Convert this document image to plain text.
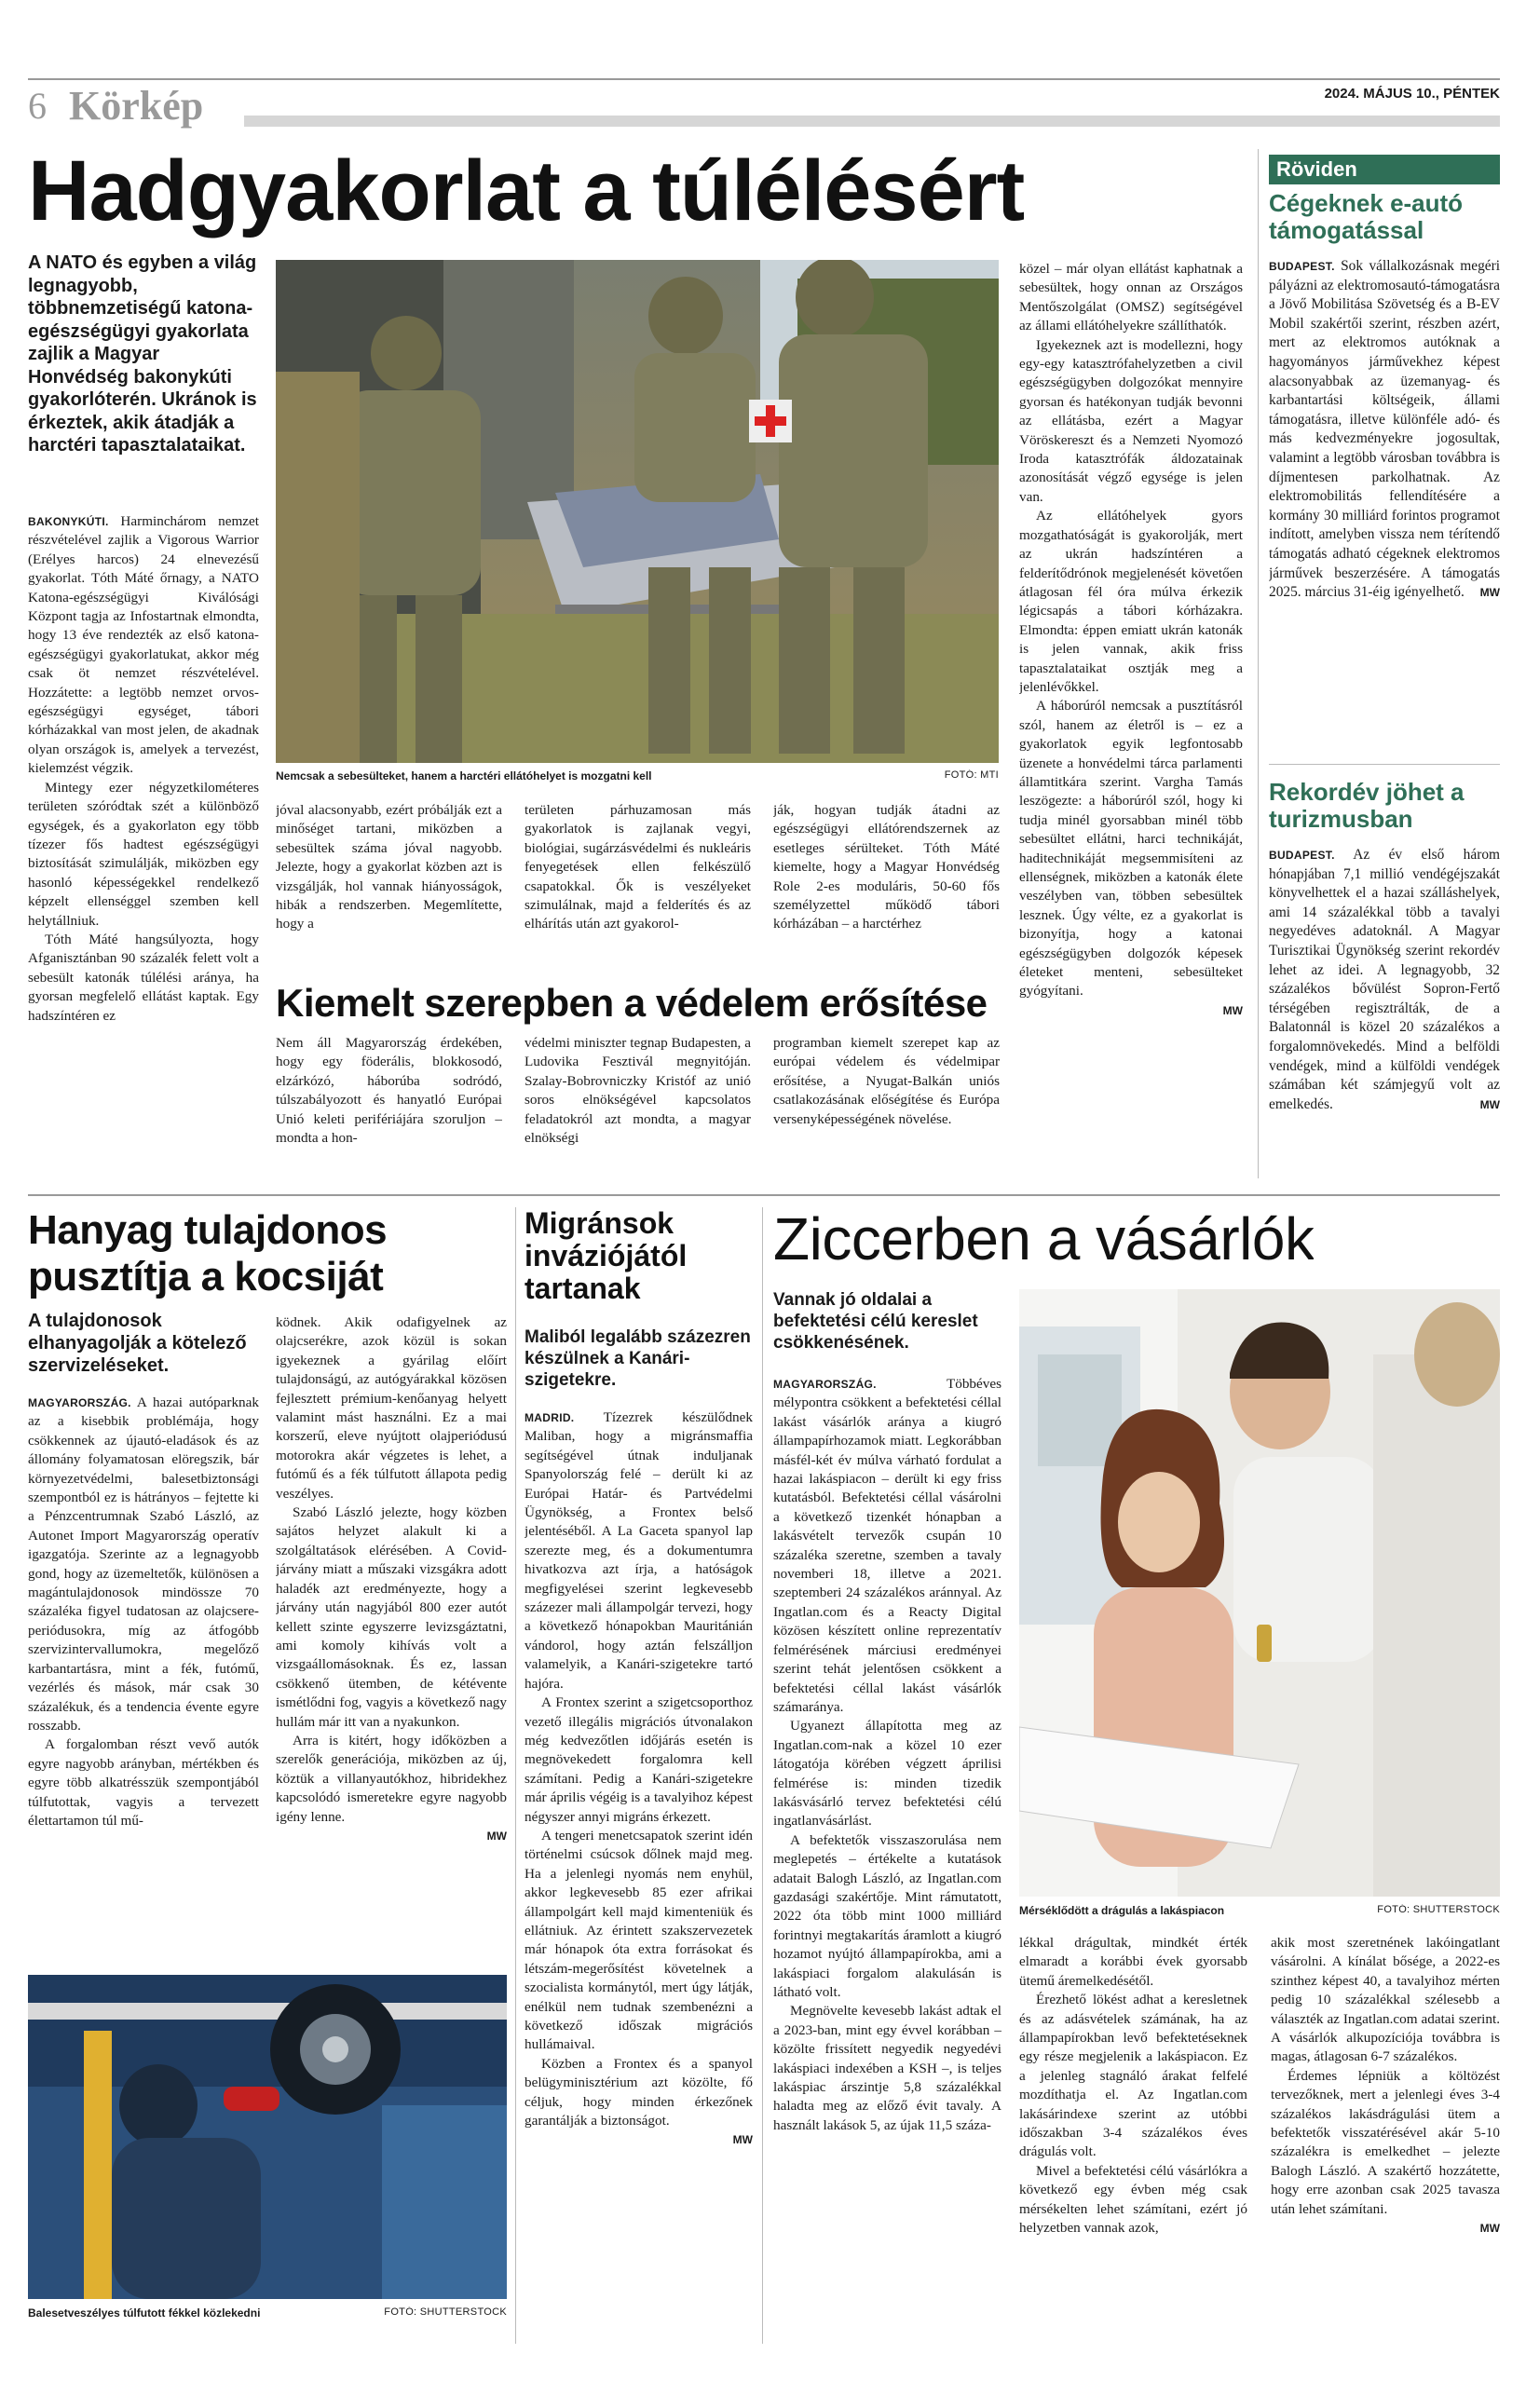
6 Körkép	2024. MÁJUS 10., PÉNTEK
Hadgyakorlat a túlélésért
A NATO és egyben a világ legnagyobb, többnemzetiségű katona-egészségügyi gyakorlata zajlik a Magyar Honvédség bakonykúti gyakorlóterén. Ukránok is érkeztek, akik átadják a harctéri tapasztalataikat.

BAKONYKÚTI. Harminchárom nemzet részvételével zajlik a Vigorous Warrior (Erélyes harcos) 24 elnevezésű gyakorlat. Tóth Máté őrnagy, a NATO Katona-egészségügyi Kiválósági Központ tagja az Infostartnak elmondta, hogy 13 éve rendezték az első katona-egészségügyi gyakorlatukat, akkor még csak öt nemzet részvételével. Hozzátette: a legtöbb nemzet orvos-egészségügyi egységet, tábori kórházakkal van most jelen, de akadnak olyan országok is, amelyek a tervezést, kielemzést végzik.

Mintegy ezer négyzetkilométeres területen szóródtak szét a különböző egységek, és a gyakorlaton egy több tízezer fős hadtest egészségügyi biztosítását szimulálják, miközben egy hasonló képességekkel rendelkező képzelt ellenséggel szemben kell helytállniuk.

Tóth Máté hangsúlyozta, hogy Afganisztánban 90 százalék felett volt a sebesült katonák túlélési aránya, ha gyorsan megfelelő ellátást kaptak. Egy hadszíntéren ez

Nemcsak a sebesülteket, hanem a harctéri ellátóhelyet is mozgatni kell	FOTÓ: MTI

jóval alacsonyabb, ezért próbálják ezt a minőséget tartani, miközben a sebesültek száma jóval nagyobb. Jelezte, hogy a gyakorlat közben azt is vizsgálják, hol vannak hiányosságok, hibák a rendszerben. Megemlítette, hogy a

területen párhuzamosan más gyakorlatok is zajlanak vegyi, biológiai, sugárzásvédelmi és nukleáris fenyegetések ellen felkészülő csapatokkal. Ők is veszélyeket szimulálnak, majd a felderítés és az elhárítás után azt gyakorol-

ják, hogyan tudják átadni az egészségügyi ellátórendszernek az esetleges sérülteket. Tóth Máté kiemelte, hogy a Magyar Honvédség Role 2-es moduláris, 50-60 fős személyzettel működő tábori kórházában – a harctérhez

Kiemelt szerepben a védelem erősítése

Nem áll Magyarország érdekében, hogy egy föderális, blokkosodó, elzárkózó, háborúba sodródó, túlszabályozott és hanyatló Európai Unió keleti perifériájára szoruljon – mondta a hon-

védelmi miniszter tegnap Budapesten, a Ludovika Fesztivál megnyitóján. Szalay-Bobrovniczky Kristóf az unió soros elnökségével kapcsolatos feladatokról azt mondta, a magyar elnökségi

programban kiemelt szerepet kap az európai védelem és védelmipar erősítése, a Nyugat-Balkán uniós csatlakozásának előségítése és Európa versenyképességének növelése.

közel – már olyan ellátást kaphatnak a sebesültek, hogy onnan az Országos Mentőszolgálat (OMSZ) segítségével az állami ellátóhelyekre szállíthatók.

Igyekeznek azt is modellezni, hogy egy-egy katasztrófahelyzetben a civil egészségügyben dolgozókat mennyire gyorsan és hatékonyan tudják bevonni az ellátásba, ezért a Magyar Vöröskereszt és a Nemzeti Nyomozó Iroda katasztrófák áldozatainak azonosítását végző egysége is jelen van.

Az ellátóhelyek gyors mozgathatóságát is gyakorolják, mert az ukrán hadszíntéren a felderítődrónok megjelenését követően átlagosan fél óra múlva érkezik légicsapás a tábori kórházakra. Elmondta: éppen emiatt ukrán katonák is jelen vannak, akik friss tapasztalataikat osztják meg a jelenlévőkkel.

A háborúról nemcsak a pusztításról szól, hanem az életről is – ez a gyakorlatok egyik legfontosabb üzenete a honvédelmi tárca parlamenti államtitkára szerint. Vargha Tamás leszögezte: a háborúról szól, hogy ki tudja minél gyorsabban minél több sebesültet ellátni, harci technikáját, haditechnikáját megsemmisíteni az ellenségnek, miközben a katonák élete veszélyben van, többen sebesültek lesznek. Úgy vélte, ez a gyakorlat is bizonyítja, hogy a katonai egészségügyben dolgozók képesek életeket menteni, sebesülteket gyógyítani.

MW
Röviden
Cégeknek e-autó támogatással
BUDAPEST. Sok vállalkozásnak megéri pályázni az elektromosautó-támogatásra a Jövő Mobilitása Szövetség és a B-EV Mobil szakértői szerint, részben azért, mert az elektromos autóknak a hagyományos járművekhez képest alacsonyabbak az üzemanyag- és karbantartási költségeik, állami támogatásra, illetve különféle adó- és más kedvezményekre jogosultak, valamint a legtöbb városban továbbra is díjmentesen parkolhatnak. Az elektromobilitás fellendítésére a kormány 30 milliárd forintos programot indított, amelyben vissza nem térítendő támogatás adható cégeknek elektromos járművek beszerzésére. A támogatás 2025. március 31-éig igényelhető. MW
Rekordév jöhet a turizmusban
BUDAPEST. Az év első három hónapjában 7,1 millió vendégéjszakát könyvelhettek el a hazai szálláshelyek, ami 14 százalékkal több a tavalyi negyedéves adatoknál. A Magyar Turisztikai Ügynökség szerint rekordév lehet az idei. A legnagyobb, 32 százalékos bővülést Sopron-Fertő térségében regisztrálták, de a Balatonnál is közel 20 százalékos a forgalomnövekedés. Mind a belföldi vendégek, mind a külföldi vendégek számában két számjegyű volt az emelkedés.	MW
Hanyag tulajdonos pusztítja a kocsiját
A tulajdonosok elhanyagolják a kötelező szervizeléseket.

MAGYARORSZÁG. A hazai autóparknak az a kisebbik problémája, hogy csökkennek az újautó-eladások és az állomány folyamatosan elöregszik, bár környezetvédelmi, balesetbiztonsági szempontból ez is hátrányos – fejtette ki a Pénzcentrumnak Szabó László, az Autonet Import Magyarország operatív igazgatója. Szerinte az a legnagyobb gond, hogy az üzemeltetők, különösen a magántulajdonosok mindössze 70 százaléka figyel tudatosan az olajcsere-periódusokra, míg az átfogóbb szervizintervallumokra, megelőző karbantartásra, mint a fék, futómű, vezérlés és mások, már csak 30 százalékuk, és a tendencia évente egyre rosszabb.

A forgalomban részt vevő autók egyre nagyobb arányban, mértékben és egyre több alkatrésszük szempontjából túlfutottak, vagyis a tervezett élettartamon túl mű-

ködnek. Akik odafigyelnek az olajcserékre, azok közül is sokan igyekeznek a gyárilag előírt tulajdonságú, az autógyárakkal közösen fejlesztett prémium-kenőanyag helyett valamint mást használni. Ez a mai korszerű, eleve nyújtott olajperiódusú motorokra akár végzetes is lehet, a futómű és a fék túlfutott állapota pedig veszélyes.

Szabó László jelezte, hogy közben sajátos helyzet alakult ki a szolgáltatások elérésében. A Covid-járvány miatt a műszaki vizsgákra adott haladék azt eredményezte, hogy a járvány után nagyjából 800 ezer autót kellett szinte egyszerre levizsgáztatni, ami komoly kihívás volt a vizsgaállomásoknak. És ez, lassan csökkenő ütemben, de kétévente ismétlődni fog, vagyis a következő nagy hullám már itt van a nyakunkon.

Arra is kitért, hogy időközben a szerelők generációja, miközben az új, köztük a villanyautókhoz, hibridekhez kapcsolódó ismeretekre egyre nagyobb igény lenne.

MW
Balesetveszélyes túlfutott fékkel közlekedni	FOTÓ: SHUTTERSTOCK
Migránsok inváziójától tartanak
Maliból legalább százezren készülnek a Kanári-szigetekre.

MADRID. Tízezrek készülődnek Maliban, hogy a migránsmaffia segítségével útnak induljanak Spanyolország felé – derült ki az Európai Határ- és Partvédelmi Ügynökség, a Frontex belső jelentéséből. A La Gaceta spanyol lap szerezte meg, és a dokumentumra hivatkozva azt írja, a hatóságok megfigyelései szerint legkevesebb százezer mali állampolgár tervezi, hogy a következő hónapokban Mauritánián vándorol, hogy aztán felszálljon valamelyik, a Kanári-szigetekre tartó hajóra.

A Frontex szerint a szigetcsoporthoz vezető illegális migrációs útvonalakon még kedvezőtlen időjárás esetén is megnövekedett forgalomra kell számítani. Pedig a Kanári-szigetekre már április végéig is a tavalyihoz képest négyszer annyi migráns érkezett.

A tengeri menetcsapatok szerint idén történelmi csúcsok dőlnek majd meg. Ha a jelenlegi nyomás nem enyhül, akkor legkevesebb 85 ezer afrikai állampolgárt kell majd kimenteniük és ellátniuk. Az érintett szakszervezetek már hónapok óta extra forrásokat és létszám-megerősítést követelnek a szocialista kormánytól, mert úgy látják, enélkül nem tudnak szembenézni a következő időszak migrációs hullámaival.

Közben a Frontex és a spanyol belügyminisztérium azt közölte, fő céljuk, hogy minden érkezőnek garantálják a biztonságot.

MW
Ziccerben a vásárlók
Vannak jó oldalai a befektetési célú kereslet csökkenésének.

MAGYARORSZÁG.	Többéves mélypontra csökkent a befektetési céllal lakást vásárlók aránya a kiugró állampapírhozamok miatt. Legkorábban másfél-két év múlva várható fordulat a hazai lakáspiacon – derült ki egy friss kutatásból. Befektetési céllal vásárolni a következő tizenkét hónapban a lakásvételt tervezők csupán 10 százaléka szeretne, szemben a tavaly novemberi 18, illetve a 2021. szeptemberi 24 százalékos aránnyal. Az Ingatlan.com és a Reacty Digital közösen készített online reprezentatív felmérésének márciusi eredményei szerint tehát jelentősen csökkent a befektetési céllal lakást vásárlók számaránya.

Ugyanezt állapította meg az Ingatlan.com-nak a közel 10 ezer látogatója körében végzett áprilisi felmérése is: minden tizedik lakásvásárló tervez befektetési célú ingatlanvásárlást.

A befektetők visszaszorulása nem meglepetés – értékelte a kutatások adatait Balogh László, az Ingatlan.com gazdasági szakértője. Mint rámutatott, 2022 óta több mint 1000 milliárd forintnyi megtakarítás áramlott a kiugró hozamot nyújtó állampapírokba, ami a lakáspiaci forgalom alakulásán is látható volt.

Megnövelte kevesebb lakást adtak el a 2023-ban, mint egy évvel korábban – közölte frissített negyedik negyedévi lakáspiaci indexében a KSH –, is teljes lakáspiac árszintje 5,8 százalékkal haladta meg az előző évit tavaly. A használt lakások 5, az újak 11,5 száza-

Mérséklődött a drágulás a lakáspiacon	FOTÓ: SHUTTERSTOCK

lékkal drágultak, mindkét érték elmaradt a korábbi évek gyorsabb ütemű áremelkedésétől.

Érezhető lökést adhat a keresletnek és az adásvételek számának, ha az állampapírokban levő befektetéseknek egy része megjelenik a lakáspiacon. Ez a jelenleg stagnáló árakat felfelé mozdíthatja el. Az Ingatlan.com lakásárindexe szerint az utóbbi időszakban 3-4 százalékos éves drágulás volt.

Mivel a befektetési célú vásárlókra a következő egy évben még csak mérsékelten lehet számítani, ezért jó helyzetben vannak azok,

akik most szeretnének lakóingatlant vásárolni. A kínálat bősége, a 2022-es szinthez képest 40, a tavalyihoz mérten pedig 10 százalékkal szélesebb a választék az Ingatlan.com adatai szerint. A vásárlók alkupozíciója továbbra is magas, átlagosan 6-7 százalékos.

Érdemes lépniük a költözést tervezőknek, mert a jelenlegi éves 3-4 százalékos lakásdrágulási ütem a befektetők visszatérésével akár 5-10 százalékra is emelkedhet – jelezte Balogh László. A szakértő hozzátette, hogy erre azonban csak 2025 tavasza után lehet számítani.

MW
